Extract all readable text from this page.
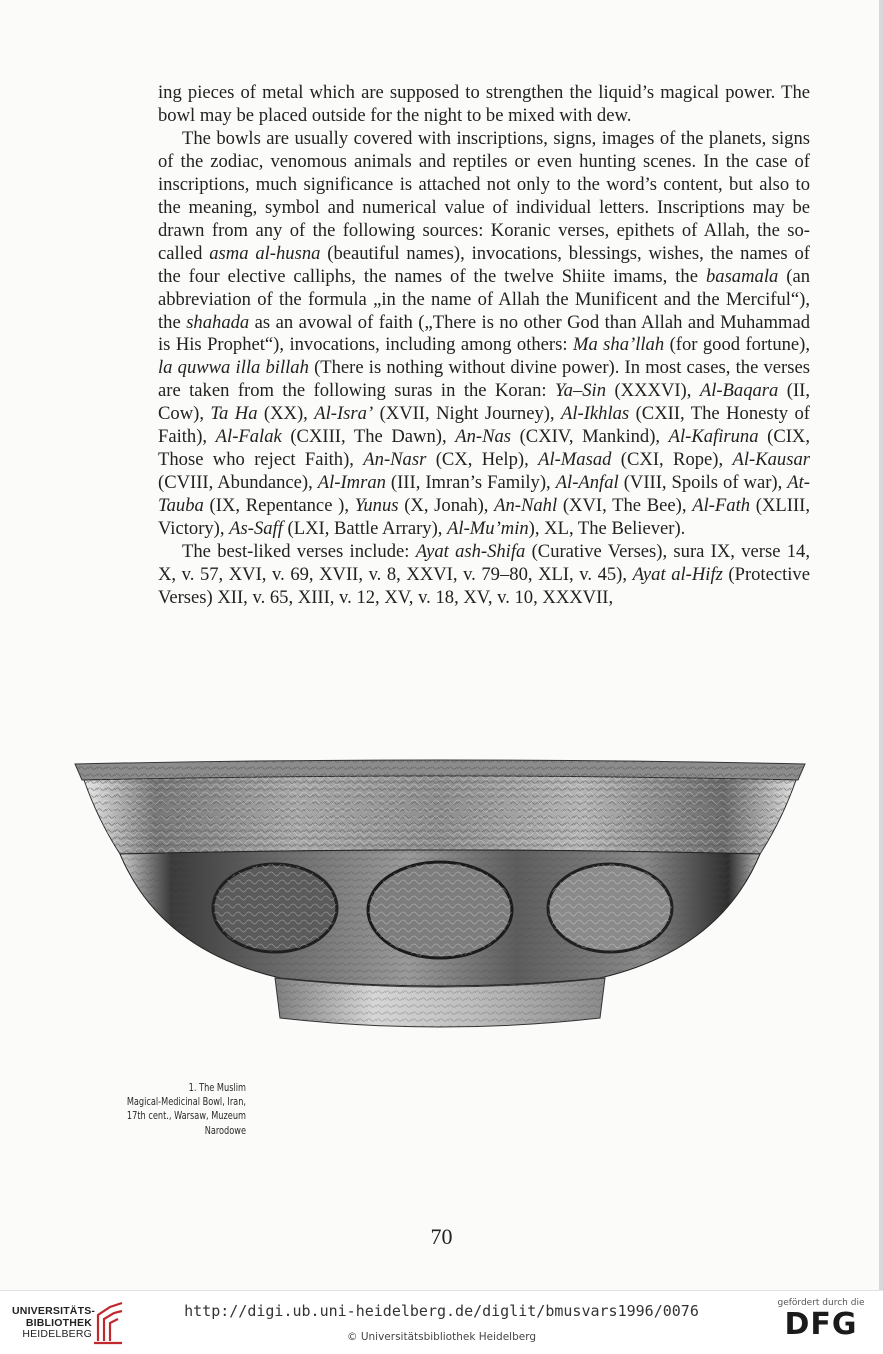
ing pieces of metal which are supposed to strengthen the liquid’s magical power. The bowl may be placed outside for the night to be mixed with dew.

The bowls are usually covered with inscriptions, signs, images of the planets, signs of the zodiac, venomous animals and reptiles or even hunting scenes. In the case of inscriptions, much significance is attached not only to the word’s content, but also to the meaning, symbol and numerical value of individual letters. Inscriptions may be drawn from any of the following sources: Koranic verses, epithets of Allah, the so-called asma al-husna (beautiful names), invocations, blessings, wishes, the names of the four elective calliphs, the names of the twelve Shiite imams, the basamala (an abbreviation of the formula „in the name of Allah the Munificent and the Merciful“), the shahada as an avowal of faith („There is no other God than Allah and Muhammad is His Prophet“), invocations, including among others: Ma sha’llah (for good fortune), la quwwa illa billah (There is nothing without divine power). In most cases, the verses are taken from the following suras in the Koran: Ya–Sin (XXXVI), Al-Baqara (II, Cow), Ta Ha (XX), Al-Isra’ (XVII, Night Journey), Al-Ikhlas (CXII, The Honesty of Faith), Al-Falak (CXIII, The Dawn), An-Nas (CXIV, Mankind), Al-Kafiruna (CIX, Those who reject Faith), An-Nasr (CX, Help), Al-Masad (CXI, Rope), Al-Kausar (CVIII, Abundance), Al-Imran (III, Imran’s Family), Al-Anfal (VIII, Spoils of war), At-Tauba (IX, Repentance ), Yunus (X, Jonah), An-Nahl (XVI, The Bee), Al-Fath (XLIII, Victory), As-Saff (LXI, Battle Arrary), Al-Mu’min), XL, The Believer).

The best-liked verses include: Ayat ash-Shifa (Curative Verses), sura IX, verse 14, X, v. 57, XVI, v. 69, XVII, v. 8, XXVI, v. 79–80, XLI, v. 45), Ayat al-Hifz (Protective Verses) XII, v. 65, XIII, v. 12, XV, v. 18, XV, v. 10, XXXVII,

1. The Muslim
Magical-Medicinal Bowl, Iran,
17th cent., Warsaw, Muzeum
Narodowe
70
UNIVERSITÄTS-
BIBLIOTHEK
HEIDELBERG
http://digi.ub.uni-heidelberg.de/diglit/bmusvars1996/0076
© Universitätsbibliothek Heidelberg
gefördert durch die
DFG
